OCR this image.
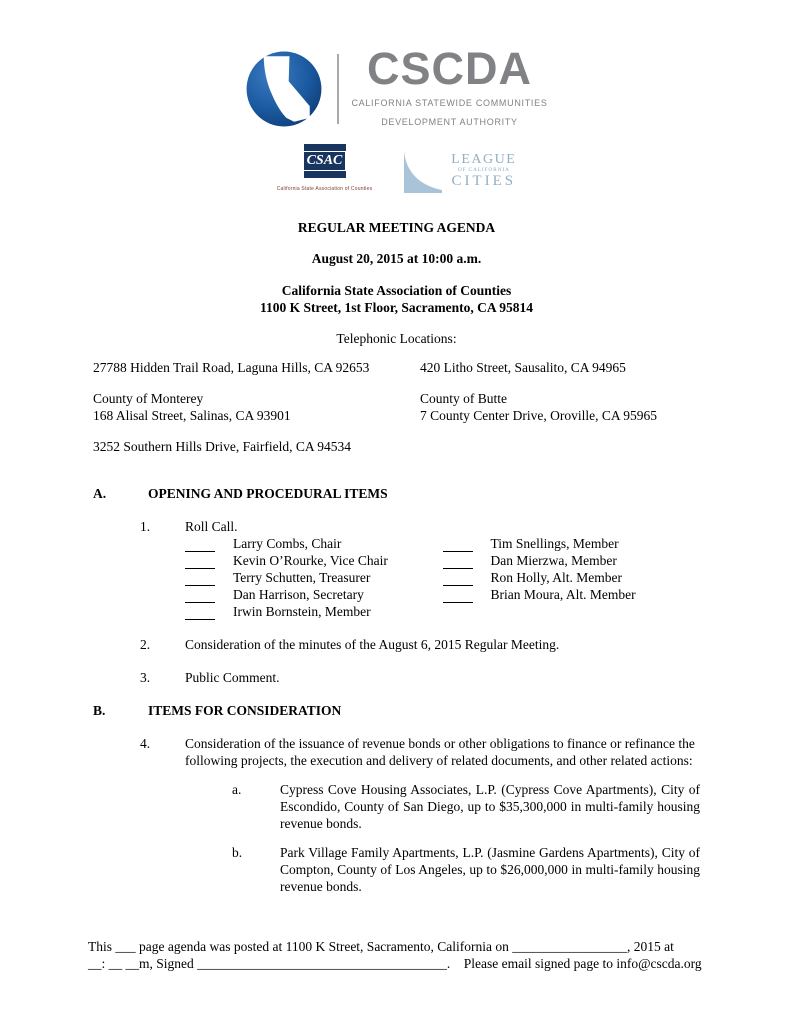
CSCDA
CALIFORNIA STATEWIDE COMMUNITIES
DEVELOPMENT AUTHORITY
CSAC
California State Association of Counties
LEAGUE
OF CALIFORNIA
CITIES
REGULAR MEETING AGENDA
August 20, 2015 at 10:00 a.m.
California State Association of Counties
1100 K Street, 1st Floor, Sacramento, CA 95814
Telephonic Locations:
27788 Hidden Trail Road, Laguna Hills, CA 92653	420 Litho Street, Sausalito, CA 94965
County of Monterey
168 Alisal Street, Salinas, CA 93901
County of Butte
7 County Center Drive, Oroville, CA 95965
3252 Southern Hills Drive, Fairfield, CA 94534
A.	OPENING AND PROCEDURAL ITEMS
1.	Roll Call.
Larry Combs, Chair	Tim Snellings, Member
Kevin O’Rourke, Vice Chair	Dan Mierzwa, Member
Terry Schutten, Treasurer	Ron Holly, Alt. Member
Dan Harrison, Secretary	Brian Moura, Alt. Member
Irwin Bornstein, Member
2.	Consideration of the minutes of the August 6, 2015 Regular Meeting.
3.	Public Comment.
B.	ITEMS FOR CONSIDERATION
4.	Consideration of the issuance of revenue bonds or other obligations to finance or refinance the following projects, the execution and delivery of related documents, and other related actions:
a.	Cypress Cove Housing Associates, L.P. (Cypress Cove Apartments), City of Escondido, County of San Diego, up to $35,300,000 in multi-family housing revenue bonds.
b.	Park Village Family Apartments, L.P. (Jasmine Gardens Apartments), City of Compton, County of Los Angeles, up to $26,000,000 in multi-family housing revenue bonds.
This ___ page agenda was posted at 1100 K Street, Sacramento, California on _________________, 2015 at
__: __ __m, Signed _____________________________________.    Please email signed page to info@cscda.org
